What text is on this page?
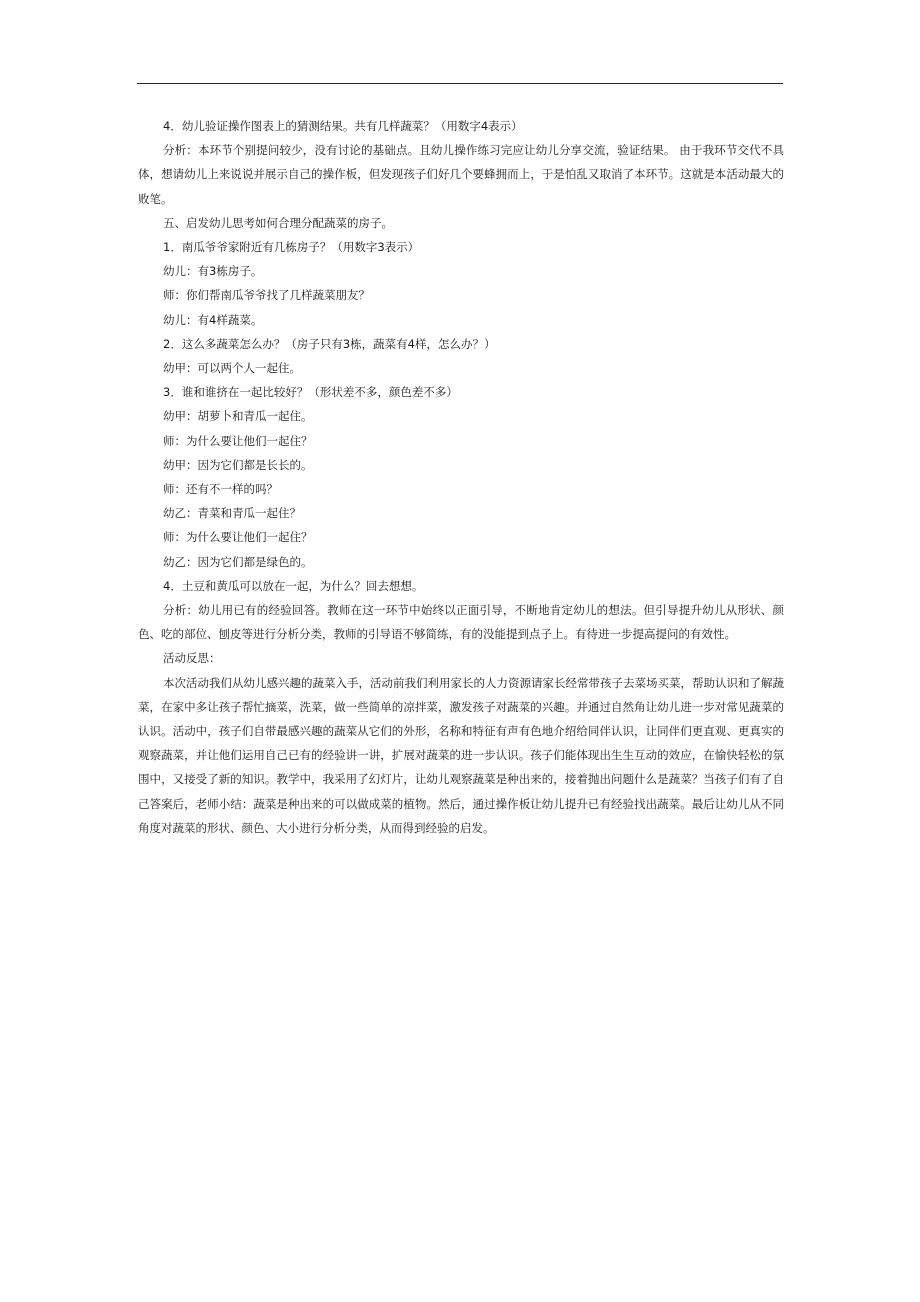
4．幼儿验证操作图表上的猜测结果。共有几样蔬菜？（用数字4表示）

分析：本环节个别提问较少，没有讨论的基础点。且幼儿操作练习完应让幼儿分享交流，验证结果。 由于我环节交代不具体，想请幼儿上来说说并展示自己的操作板，但发现孩子们好几个要蜂拥而上，于是怕乱又取消了本环节。这就是本活动最大的败笔。

五、启发幼儿思考如何合理分配蔬菜的房子。

1．南瓜爷爷家附近有几栋房子？（用数字3表示）

幼儿：有3栋房子。

师：你们帮南瓜爷爷找了几样蔬菜朋友？

幼儿：有4样蔬菜。

2．这么多蔬菜怎么办？（房子只有3栋，蔬菜有4样，怎么办？）

幼甲：可以两个人一起住。

3．谁和谁挤在一起比较好？（形状差不多，颜色差不多）

幼甲：胡萝卜和青瓜一起住。

师：为什么要让他们一起住？

幼甲：因为它们都是长长的。

师：还有不一样的吗？

幼乙：青菜和青瓜一起住？

师：为什么要让他们一起住？

幼乙：因为它们都是绿色的。

4．土豆和黄瓜可以放在一起，为什么？回去想想。

分析：幼儿用已有的经验回答。教师在这一环节中始终以正面引导，不断地肯定幼儿的想法。但引导提升幼儿从形状、颜色、吃的部位、刨皮等进行分析分类，教师的引导语不够简练，有的没能提到点子上。有待进一步提高提问的有效性。

活动反思：

本次活动我们从幼儿感兴趣的蔬菜入手，活动前我们利用家长的人力资源请家长经常带孩子去菜场买菜，帮助认识和了解蔬菜，在家中多让孩子帮忙摘菜，洗菜，做一些简单的凉拌菜，激发孩子对蔬菜的兴趣。并通过自然角让幼儿进一步对常见蔬菜的认识。活动中，孩子们自带最感兴趣的蔬菜从它们的外形，名称和特征有声有色地介绍给同伴认识，让同伴们更直观、更真实的观察蔬菜，并让他们运用自己已有的经验讲一讲，扩展对蔬菜的进一步认识。孩子们能体现出生生互动的效应，在愉快轻松的氛围中，又接受了新的知识。教学中，我采用了幻灯片，让幼儿观察蔬菜是种出来的，接着抛出问题什么是蔬菜？当孩子们有了自己答案后，老师小结：蔬菜是种出来的可以做成菜的植物。然后，通过操作板让幼儿提升已有经验找出蔬菜。最后让幼儿从不同角度对蔬菜的形状、颜色、大小进行分析分类，从而得到经验的启发。
